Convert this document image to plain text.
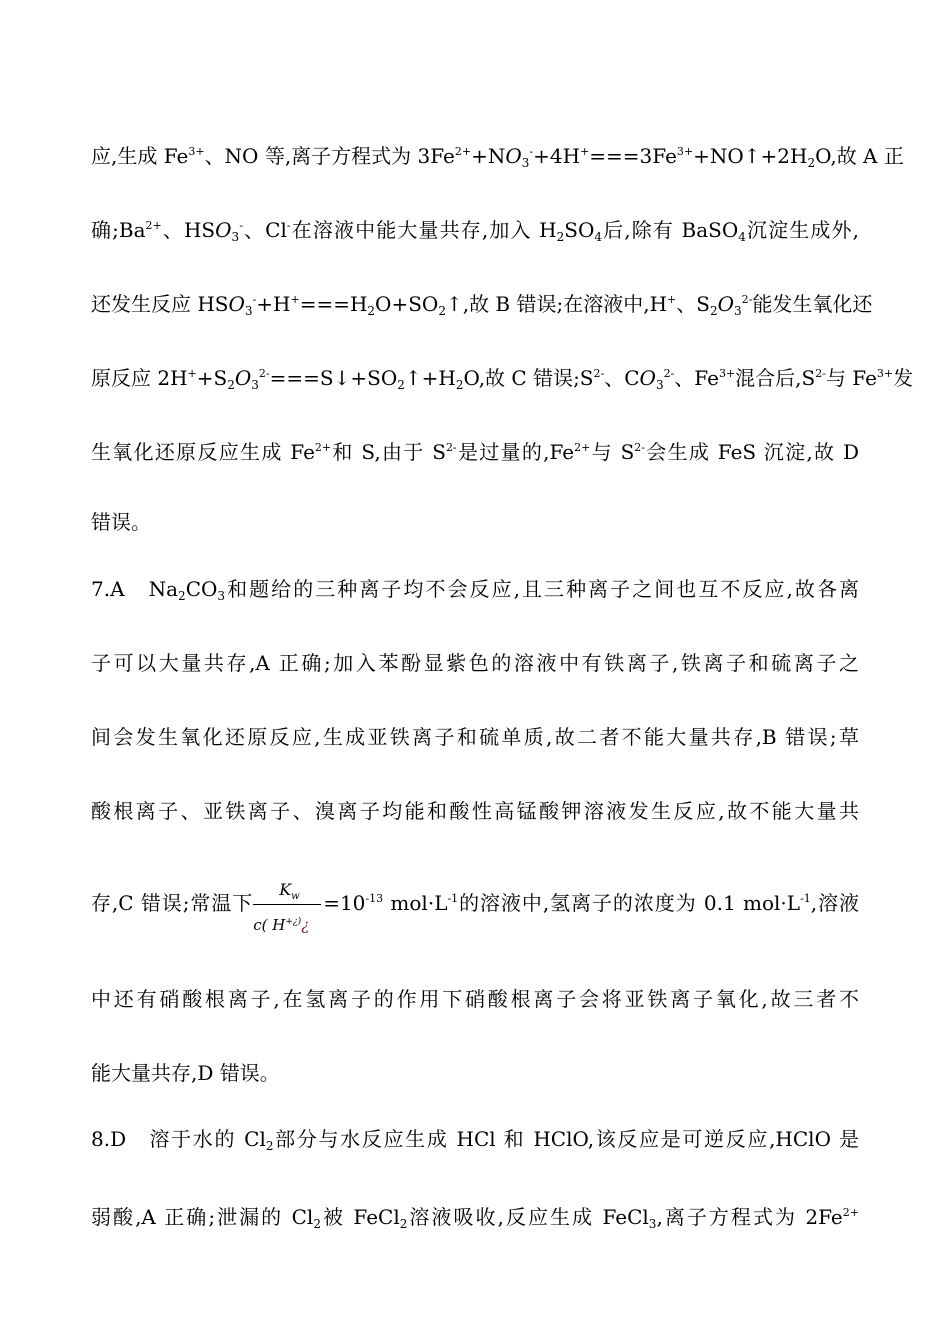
应,生成 $Fe^{3+}$、NO 等,离子方程式为 $3Fe^{2+}+NO_3^-+4H^+===3Fe^{3+}+NO↑+2H_2O$,故 A 正
确$;Ba^{2+}$、$HSO_3^-$、Cl-在溶液中能大量共存,加入 $H_2SO_4$后,除有 BaSO$_4$沉淀生成外,
还发生反应 $HSO_3^-+H^+===H_2O+SO_2↑$,故 B 错误;在溶液中,H+、$S_2O_3^{2-}$能发生氧化还
原反应 $2H^++S_2O_3^{2-}===S↓+SO_2↑+H_2O$,故 C 错误$;S^{2-}$、$CO_3^{2-}$、$Fe^{3+}$混合后$,S^{2-}$与 $Fe^{3+}$发
生氧化还原反应生成 $Fe^{2+}$和 S,由于 $S^{2-}$是过量的$,Fe^{2+}$与 $S^{2-}$会生成 FeS 沉淀,故 D
错误。
7.A　$Na_2CO_3$和题给的三种离子均不会反应,且三种离子之间也互不反应,故各离
子可以大量共存,A 正确;加入苯酚显紫色的溶液中有铁离子,铁离子和硫离子之
间会发生氧化还原反应,生成亚铁离子和硫单质,故二者不能大量共存,B 错误;草
酸根离子、亚铁离子、溴离子均能和酸性高锰酸钾溶液发生反应,故不能大量共
存,C 错误;常温下 $\frac{K_w}{c( H^{+¿)}¿} =10^{-13}$ $mol\cdot L^{-1}$的溶液中,氢离子的浓度为 0.1 $mol\cdot L^{-1}$,溶液
中还有硝酸根离子,在氢离子的作用下硝酸根离子会将亚铁离子氧化,故三者不
能大量共存,D 错误。
8.D　溶于水的 $Cl_2$部分与水反应生成 HCl 和 HClO,该反应是可逆反应,HClO 是
弱酸,A 正确;泄漏的 $Cl_2$被 FeCl$_2$溶液吸收,反应生成 FeCl$_3$,离子方程式为 $2Fe^{2+}$
